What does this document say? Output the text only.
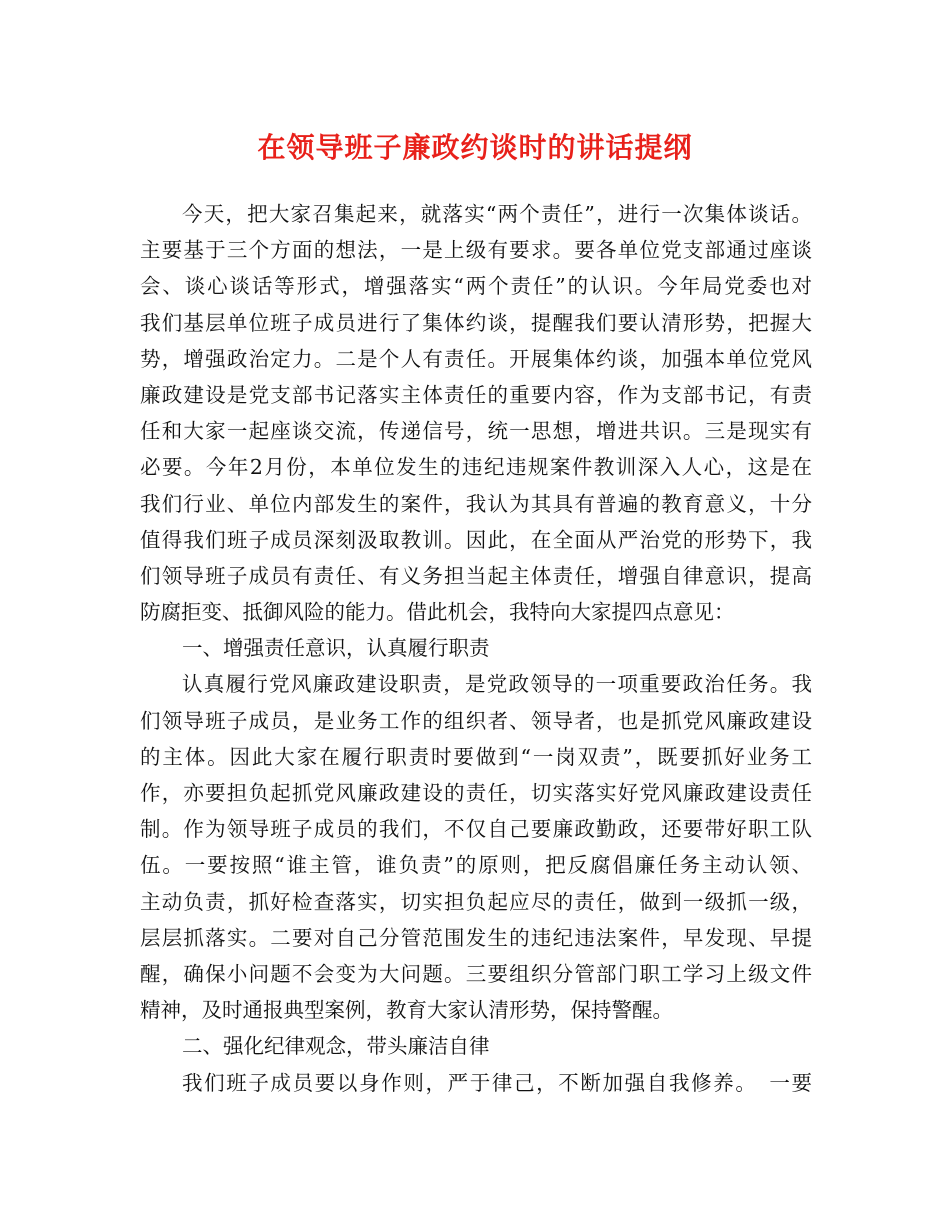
在领导班子廉政约谈时的讲话提纲
今天，把大家召集起来，就落实“两个责任”，进行一次集体谈话。
主要基于三个方面的想法，一是上级有要求。要各单位党支部通过座谈
会、谈心谈话等形式，增强落实“两个责任”的认识。今年局党委也对
我们基层单位班子成员进行了集体约谈，提醒我们要认清形势，把握大
势，增强政治定力。二是个人有责任。开展集体约谈，加强本单位党风
廉政建设是党支部书记落实主体责任的重要内容，作为支部书记，有责
任和大家一起座谈交流，传递信号，统一思想，增进共识。三是现实有
必要。今年2月份，本单位发生的违纪违规案件教训深入人心，这是在
我们行业、单位内部发生的案件，我认为其具有普遍的教育意义，十分
值得我们班子成员深刻汲取教训。因此，在全面从严治党的形势下，我
们领导班子成员有责任、有义务担当起主体责任，增强自律意识，提高
防腐拒变、抵御风险的能力。借此机会，我特向大家提四点意见：
一、增强责任意识，认真履行职责
认真履行党风廉政建设职责，是党政领导的一项重要政治任务。我
们领导班子成员，是业务工作的组织者、领导者，也是抓党风廉政建设
的主体。因此大家在履行职责时要做到“一岗双责”，既要抓好业务工
作，亦要担负起抓党风廉政建设的责任，切实落实好党风廉政建设责任
制。作为领导班子成员的我们，不仅自己要廉政勤政，还要带好职工队
伍。一要按照“谁主管，谁负责”的原则，把反腐倡廉任务主动认领、
主动负责，抓好检查落实，切实担负起应尽的责任，做到一级抓一级，
层层抓落实。二要对自己分管范围发生的违纪违法案件，早发现、早提
醒，确保小问题不会变为大问题。三要组织分管部门职工学习上级文件
精神，及时通报典型案例，教育大家认清形势，保持警醒。
二、强化纪律观念，带头廉洁自律
我们班子成员要以身作则，严于律己，不断加强自我修养。　一要
